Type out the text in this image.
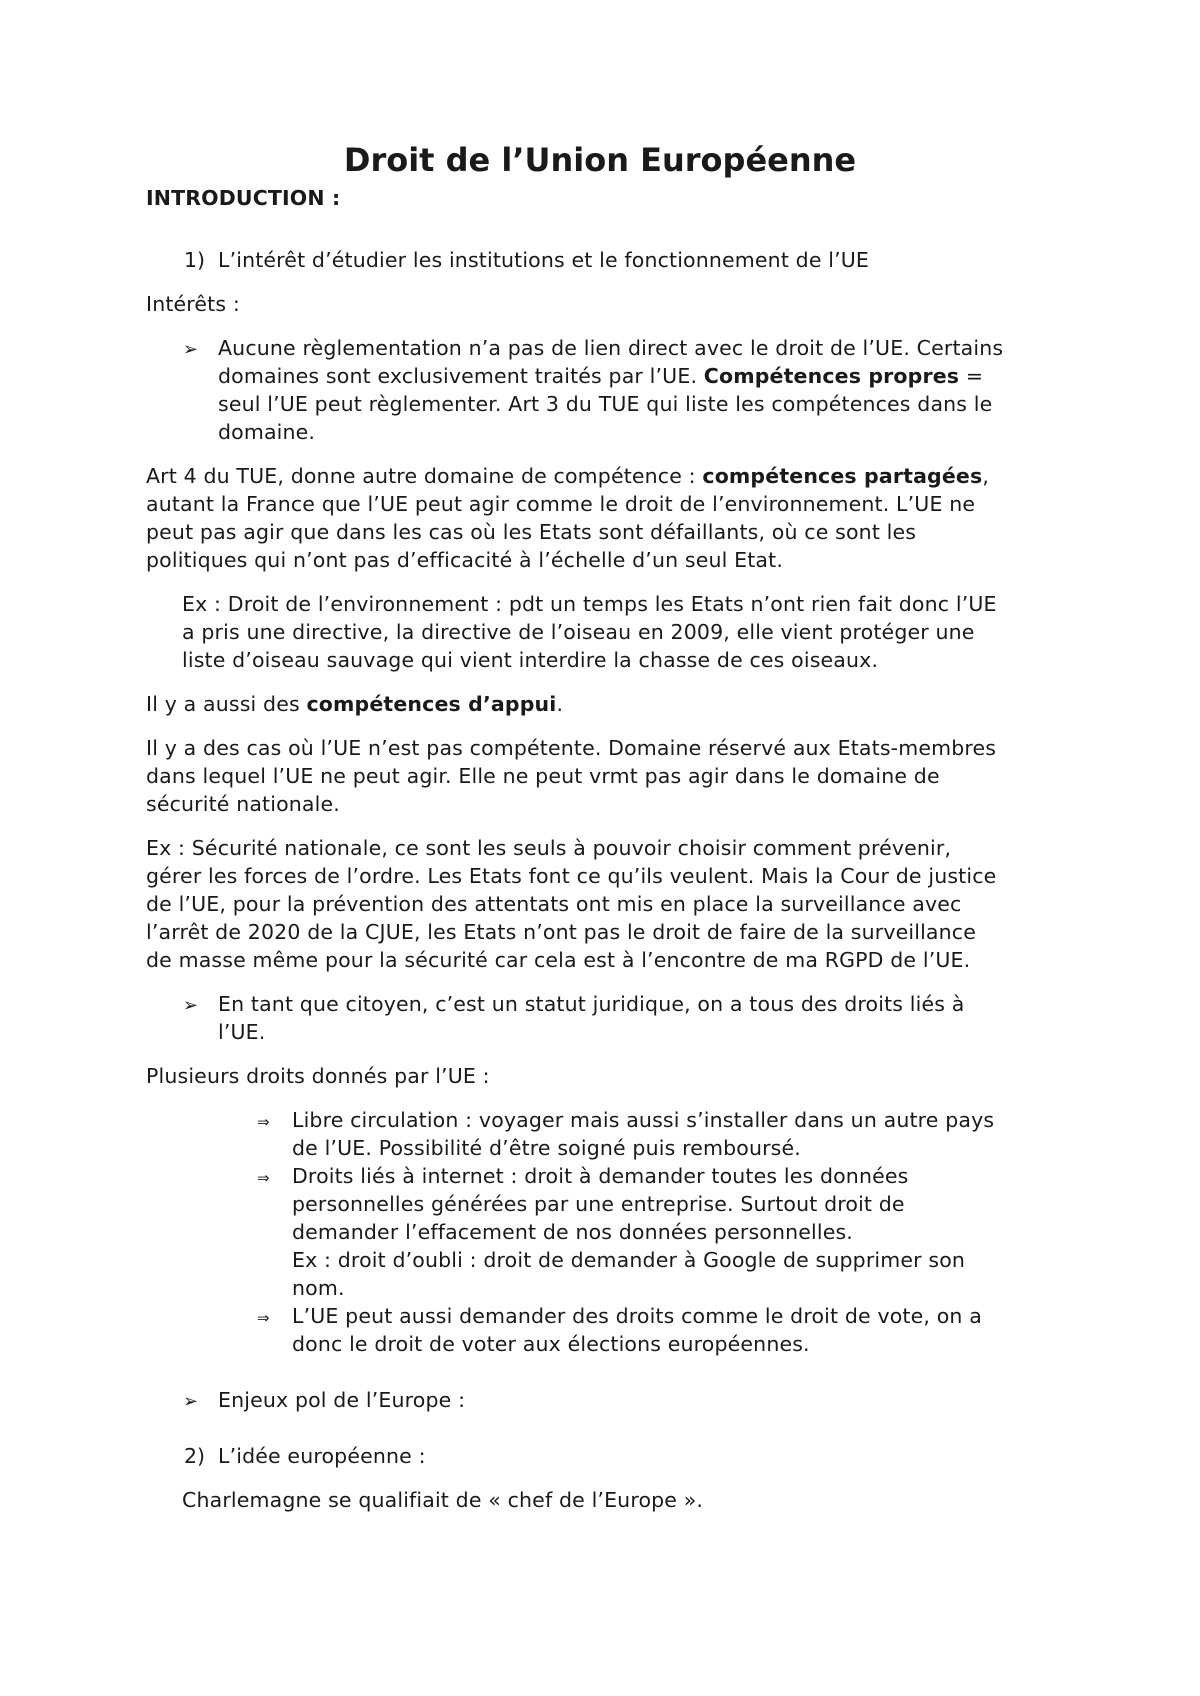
Droit de l’Union Européenne
INTRODUCTION :
1) L’intérêt d’étudier les institutions et le fonctionnement de l’UE
Intérêts :
➢ Aucune règlementation n’a pas de lien direct avec le droit de l’UE. Certains
domaines sont exclusivement traités par l’UE. Compétences propres =
seul l’UE peut règlementer. Art 3 du TUE qui liste les compétences dans le
domaine.
Art 4 du TUE, donne autre domaine de compétence : compétences partagées,
autant la France que l’UE peut agir comme le droit de l’environnement. L’UE ne
peut pas agir que dans les cas où les Etats sont défaillants, où ce sont les
politiques qui n’ont pas d’efficacité à l’échelle d’un seul Etat.
Ex : Droit de l’environnement : pdt un temps les Etats n’ont rien fait donc l’UE
a pris une directive, la directive de l’oiseau en 2009, elle vient protéger une
liste d’oiseau sauvage qui vient interdire la chasse de ces oiseaux.
Il y a aussi des compétences d’appui.
Il y a des cas où l’UE n’est pas compétente. Domaine réservé aux Etats-membres
dans lequel l’UE ne peut agir. Elle ne peut vrmt pas agir dans le domaine de
sécurité nationale.
Ex : Sécurité nationale, ce sont les seuls à pouvoir choisir comment prévenir,
gérer les forces de l’ordre. Les Etats font ce qu’ils veulent. Mais la Cour de justice
de l’UE, pour la prévention des attentats ont mis en place la surveillance avec
l’arrêt de 2020 de la CJUE, les Etats n’ont pas le droit de faire de la surveillance
de masse même pour la sécurité car cela est à l’encontre de ma RGPD de l’UE.
➢ En tant que citoyen, c’est un statut juridique, on a tous des droits liés à
l’UE.
Plusieurs droits donnés par l’UE :
⇒ Libre circulation : voyager mais aussi s’installer dans un autre pays
de l’UE. Possibilité d’être soigné puis remboursé.
⇒ Droits liés à internet : droit à demander toutes les données
personnelles générées par une entreprise. Surtout droit de
demander l’effacement de nos données personnelles.
Ex : droit d’oubli : droit de demander à Google de supprimer son
nom.
⇒ L’UE peut aussi demander des droits comme le droit de vote, on a
donc le droit de voter aux élections européennes.
➢ Enjeux pol de l’Europe :
2) L’idée européenne :
Charlemagne se qualifiait de « chef de l’Europe ».
